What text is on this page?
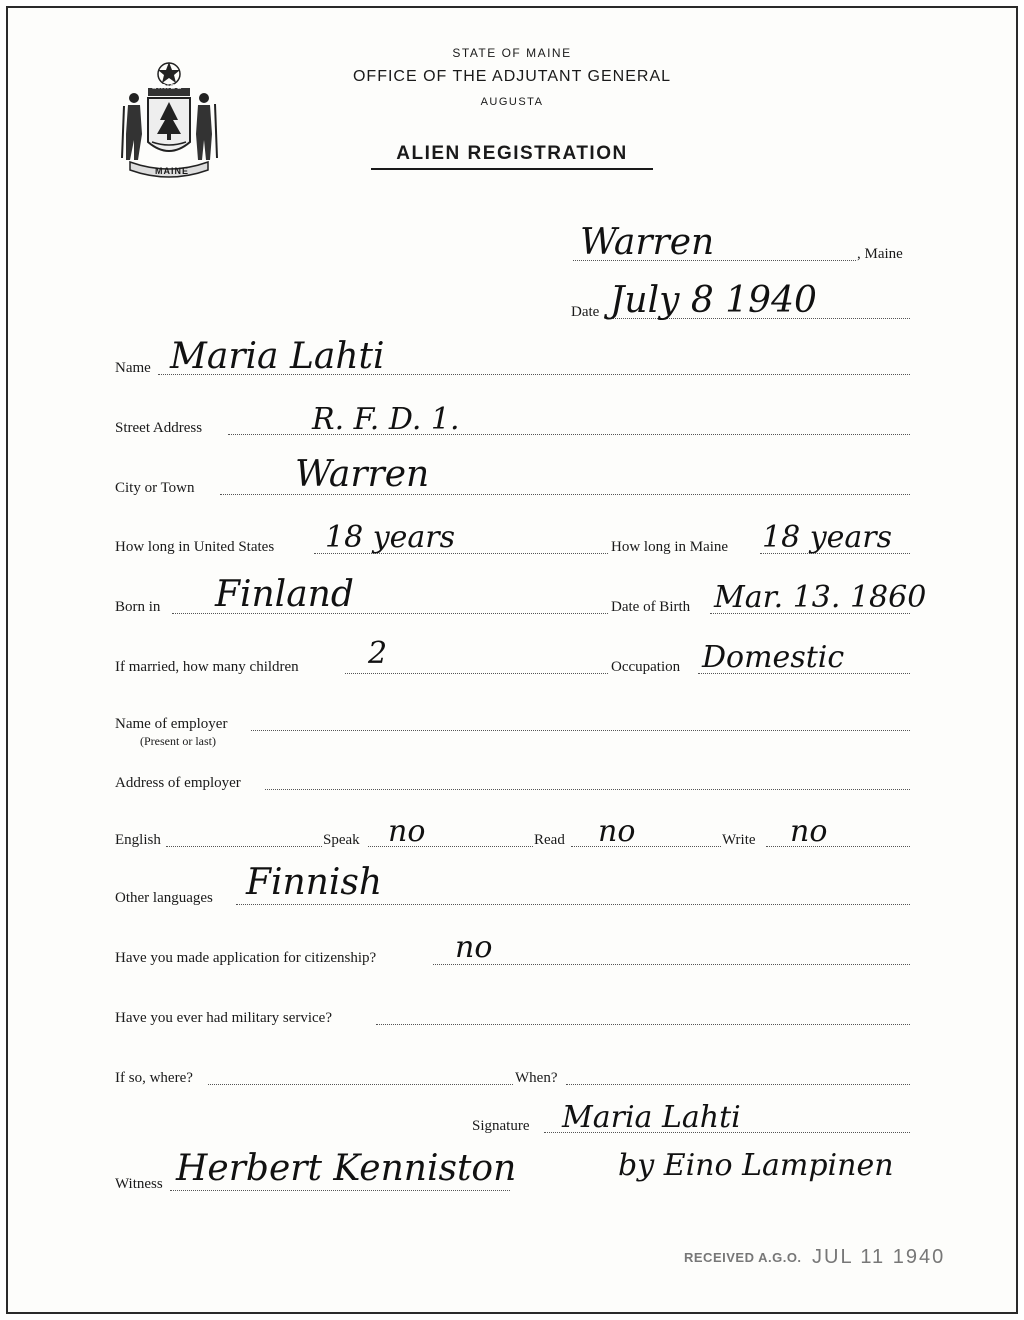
DIRIGO
MAINE
STATE OF MAINE
OFFICE OF THE ADJUTANT GENERAL
AUGUSTA
ALIEN REGISTRATION
Warren	, Maine
Date July 8 1940
Name Maria Lahti
Street Address	R. F. D. 1.
City or Town	Warren
How long in United States 18 years	How long in Maine 18 years
Born in Finland	Date of Birth Mar. 13. 1860
If married, how many children 2	Occupation Domestic
Name of employer
(Present or last)
Address of employer
English	Speak no	Read no	Write no
Other languages Finnish
Have you made application for citizenship?	no
Have you ever had military service?
If so, where?	When?
Signature Maria Lahti
by Eino Lampinen
Witness Herbert Kenniston
RECEIVED A.G.O. JUL 11 1940
